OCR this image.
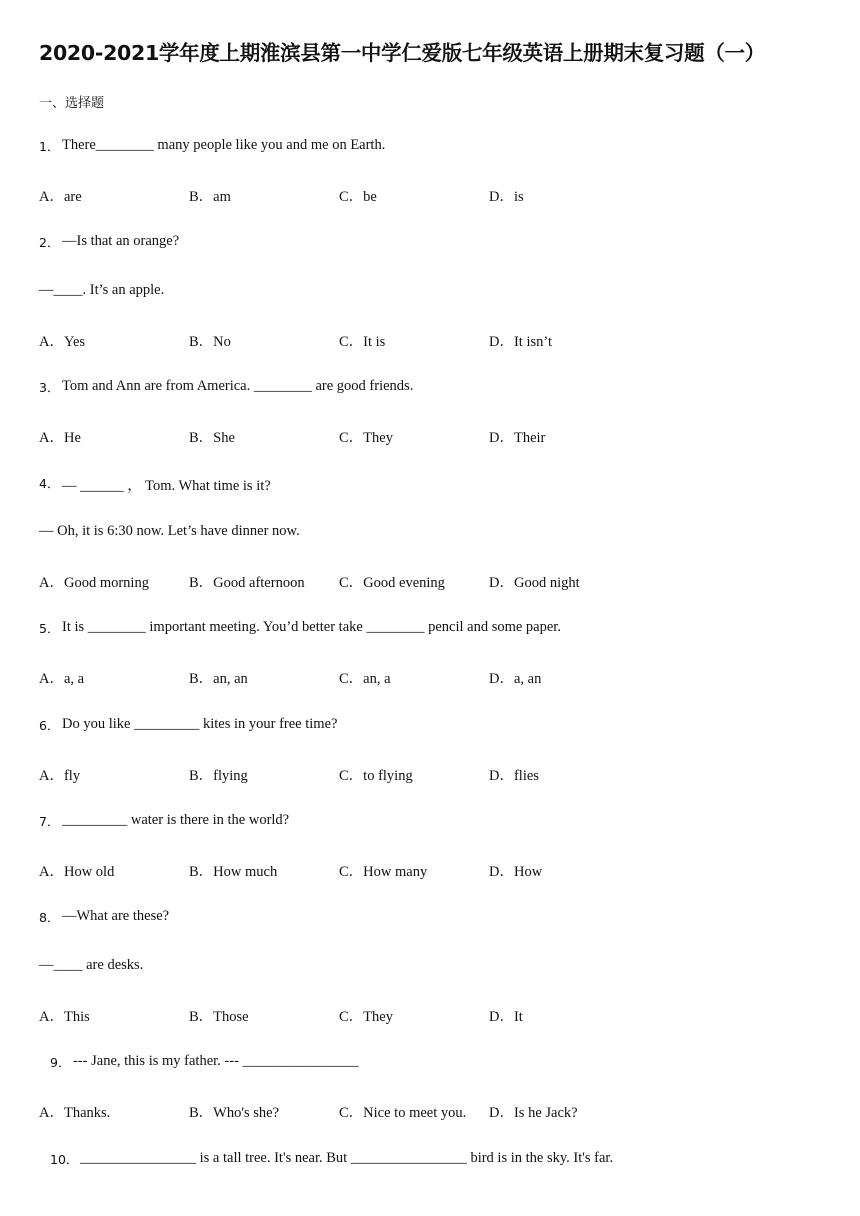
2020-2021学年度上期淮滨县第一中学仁爱版七年级英语上册期末复习题（一）
一、选择题
1． There________ many people like you and me on Earth.
A．are	B．am	C．be	D．is
2． —Is that an orange?
—____. It’s an apple.
A．Yes	B．No	C．It is	D．It isn’t
3． Tom and Ann are from America. ________ are good friends.
A．He	B．She	C．They	D．Their
4． — ______ ， Tom. What time is it?
— Oh, it is 6:30 now. Let’s have dinner now.
A．Good morning	B．Good afternoon C．Good evening	D．Good night
5． It is ________ important meeting. You’d better take ________ pencil and some paper.
A．a, a	B．an, an	C．an, a	D．a, an
6． Do you like _________ kites in your free time?
A．fly	B．flying	C．to flying	D．flies
7． _________ water is there in the world?
A．How old	B．How much	C．How many	D．How
8． —What are these?
—____ are desks.
A．This	B．Those	C．They	D．It
9． --- Jane, this is my father. --- ________________
A．Thanks.	B．Who's she?	C．Nice to meet you. D．Is he Jack?
10． ________________ is a tall tree. It's near. But ________________ bird is in the sky. It's far.
